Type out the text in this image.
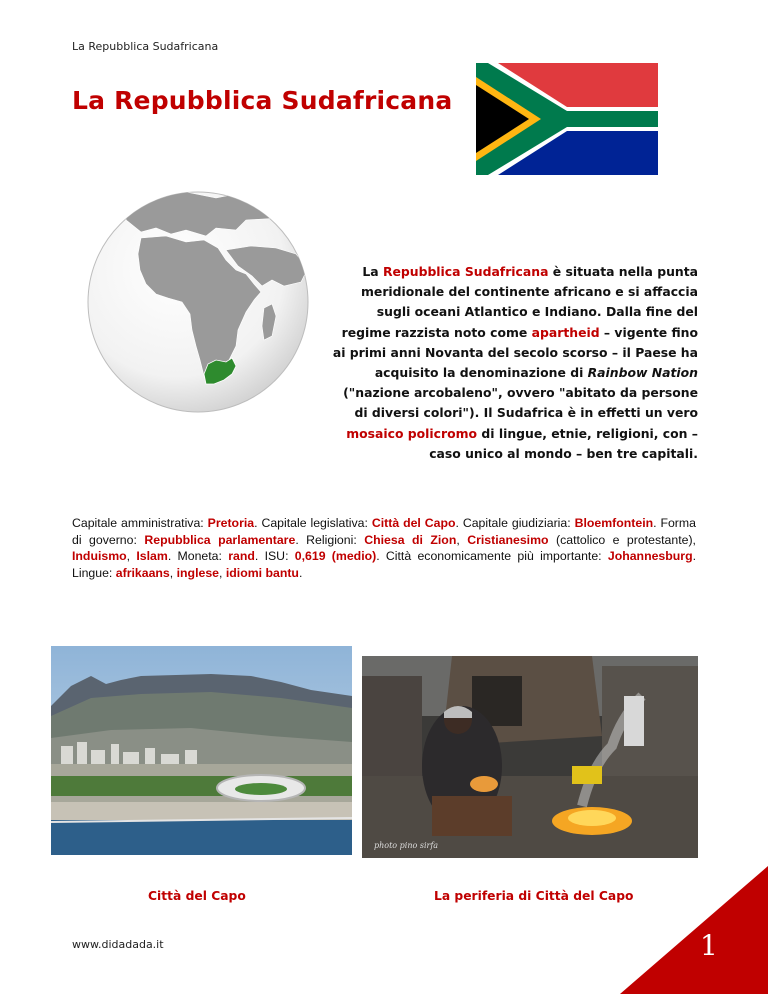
La Repubblica Sudafricana
La Repubblica Sudafricana
La Repubblica Sudafricana è situata nella punta meridionale del continente africano e si affaccia sugli oceani Atlantico e Indiano. Dalla fine del regime razzista noto come apartheid – vigente fino ai primi anni Novanta del secolo scorso – il Paese ha acquisito la denominazione di Rainbow Nation ("nazione arcobaleno", ovvero "abitato da persone di diversi colori"). Il Sudafrica è in effetti un vero mosaico policromo di lingue, etnie, religioni, con – caso unico al mondo – ben tre capitali.
Capitale amministrativa: Pretoria. Capitale legislativa: Città del Capo. Capitale giudiziaria: Bloemfontein. Forma di governo: Repubblica parlamentare. Religioni: Chiesa di Zion, Cristianesimo (cattolico e protestante), Induismo, Islam. Moneta: rand. ISU: 0,619 (medio). Città economicamente più importante: Johannesburg. Lingue: afrikaans, inglese, idiomi bantu.
photo pino sirfa
Città del Capo	La periferia di Città del Capo
www.didadada.it	1
